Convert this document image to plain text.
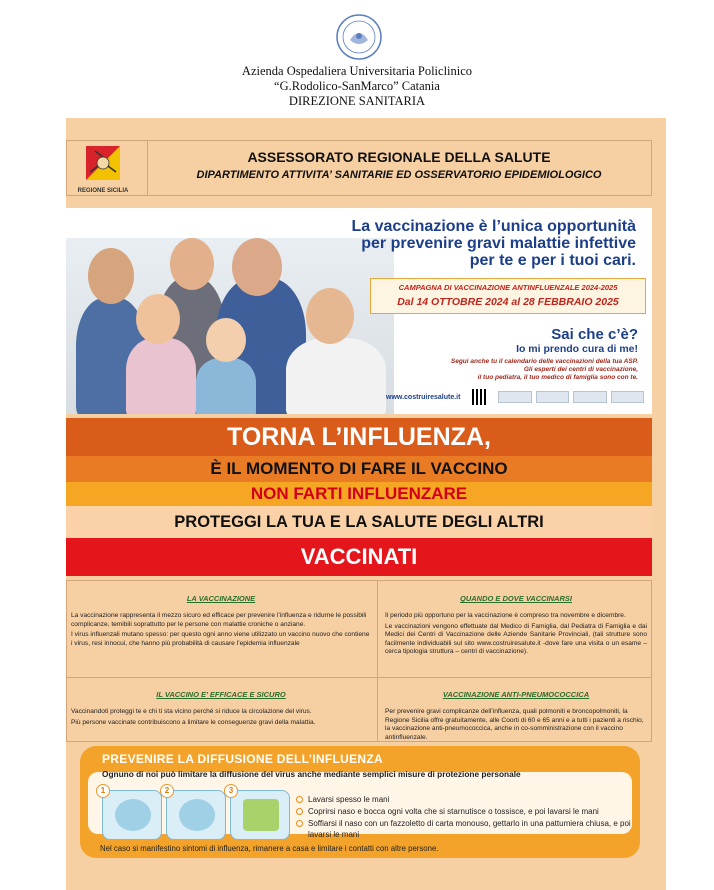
Azienda Ospedaliera Universitaria Policlinico
“G.Rodolico-SanMarco” Catania
DIREZIONE SANITARIA
REGIONE SICILIA
ASSESSORATO REGIONALE DELLA SALUTE
DIPARTIMENTO ATTIVITA’ SANITARIE ED OSSERVATORIO EPIDEMIOLOGICO
La vaccinazione è l’unica opportunità
per prevenire gravi malattie infettive
per te e per i tuoi cari.
CAMPAGNA DI VACCINAZIONE ANTINFLUENZALE 2024-2025
Dal 14 OTTOBRE 2024 al 28 FEBBRAIO 2025
Sai che c’è?
Io mi prendo cura di me!
Segui anche tu il calendario delle vaccinazioni della tua ASP.
Gli esperti dei centri di vaccinazione,
il tuo pediatra, il tuo medico di famiglia sono con te.
www.costruiresalute.it
TORNA L’INFLUENZA,
È IL MOMENTO DI FARE IL VACCINO
NON FARTI INFLUENZARE
PROTEGGI LA TUA E LA SALUTE DEGLI ALTRI
VACCINATI
LA VACCINAZIONE

La vaccinazione rappresenta il mezzo sicuro ed efficace per prevenire l’influenza e ridurne le possibili complicanze, temibili soprattutto per le persone con malattie croniche o anziane.

I virus influenzali mutano spesso: per questo ogni anno viene utilizzato un vaccino nuovo che contiene i virus, resi innocui, che hanno più probabilità di causare l’epidemia influenzale

QUANDO E DOVE VACCINARSI

Il periodo più opportuno per la vaccinazione è compreso tra novembre e dicembre.

Le vaccinazioni vengono effettuate dal Medico di Famiglia, dal Pediatra di Famiglia e dai Medici dei Centri di Vaccinazione delle Aziende Sanitarie Provinciali, (tali strutture sono facilmente individuabili sul sito www.costruiresalute.it -dove fare una visita o un esame – cerca tipologia struttura – centri di vaccinazione).

IL VACCINO E’ EFFICACE E SICURO

Vaccinandoti proteggi te e chi ti sta vicino perché si riduce la circolazione del virus.

Più persone vaccinate contribuiscono a limitare le conseguenze gravi della malattia.

VACCINAZIONE ANTI-PNEUMOCOCCICA

Per prevenire gravi complicanze dell’influenza, quali polmoniti e broncopolmoniti, la Regione Sicilia offre gratuitamente, alle Coorti di 60 e 65 anni e a tutti i pazienti a rischio, la vaccinazione anti-pneumococcica, anche in co-somministrazione con il vaccino antinfluenzale.

PREVENIRE LA DIFFUSIONE DELL’INFLUENZA
Ognuno di noi può limitare la diffusione del virus anche mediante semplici misure di protezione personale
1	2	3
Lavarsi spesso le mani
Coprirsi naso e bocca ogni volta che si starnutisce o tossisce, e poi lavarsi le mani
Soffiarsi il naso con un fazzoletto di carta monouso, gettarlo in una pattumiera chiusa, e poi lavarsi le mani
Nel caso si manifestino sintomi di influenza, rimanere a casa e limitare i contatti con altre persone.
